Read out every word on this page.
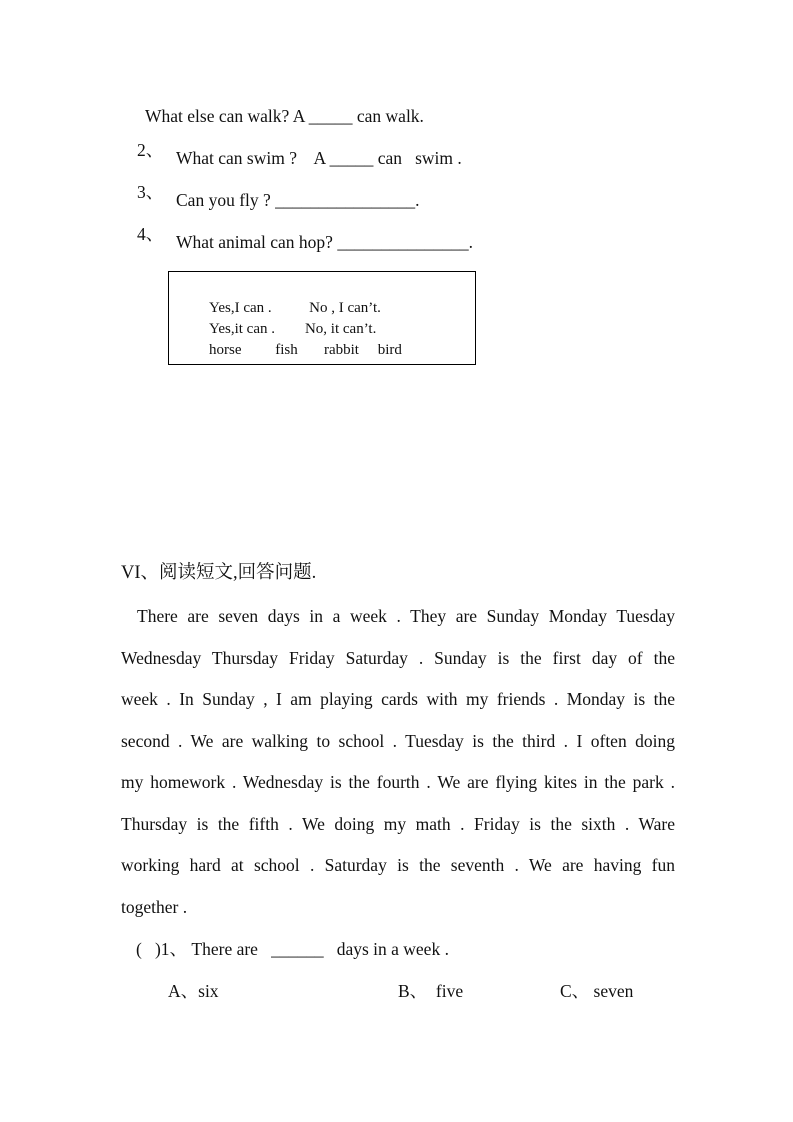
What else can walk? A _____ can walk.
2、 What can swim ?    A _____ can   swim .
3、 Can you fly ? ________________.
4、 What animal can hop? _______________.
Yes,I can .          No , I can’t.
Yes,it can .        No, it can’t.
horse         fish       rabbit     bird
VI、阅读短文,回答问题.
There are seven days in a week . They are Sunday Monday Tuesday
Wednesday Thursday Friday Saturday . Sunday is the first day of the
week . In Sunday , I am playing cards with my friends . Monday is the
second . We are walking to school . Tuesday is the third . I often doing
my homework . Wednesday is the fourth . We are flying kites in the park .
Thursday is the fifth . We doing my math . Friday is the sixth . Ware
working hard at school . Saturday is the seventh . We are having fun
together .
(   )1、 There are   ______   days in a week .
A、six	B、  five	C、 seven
